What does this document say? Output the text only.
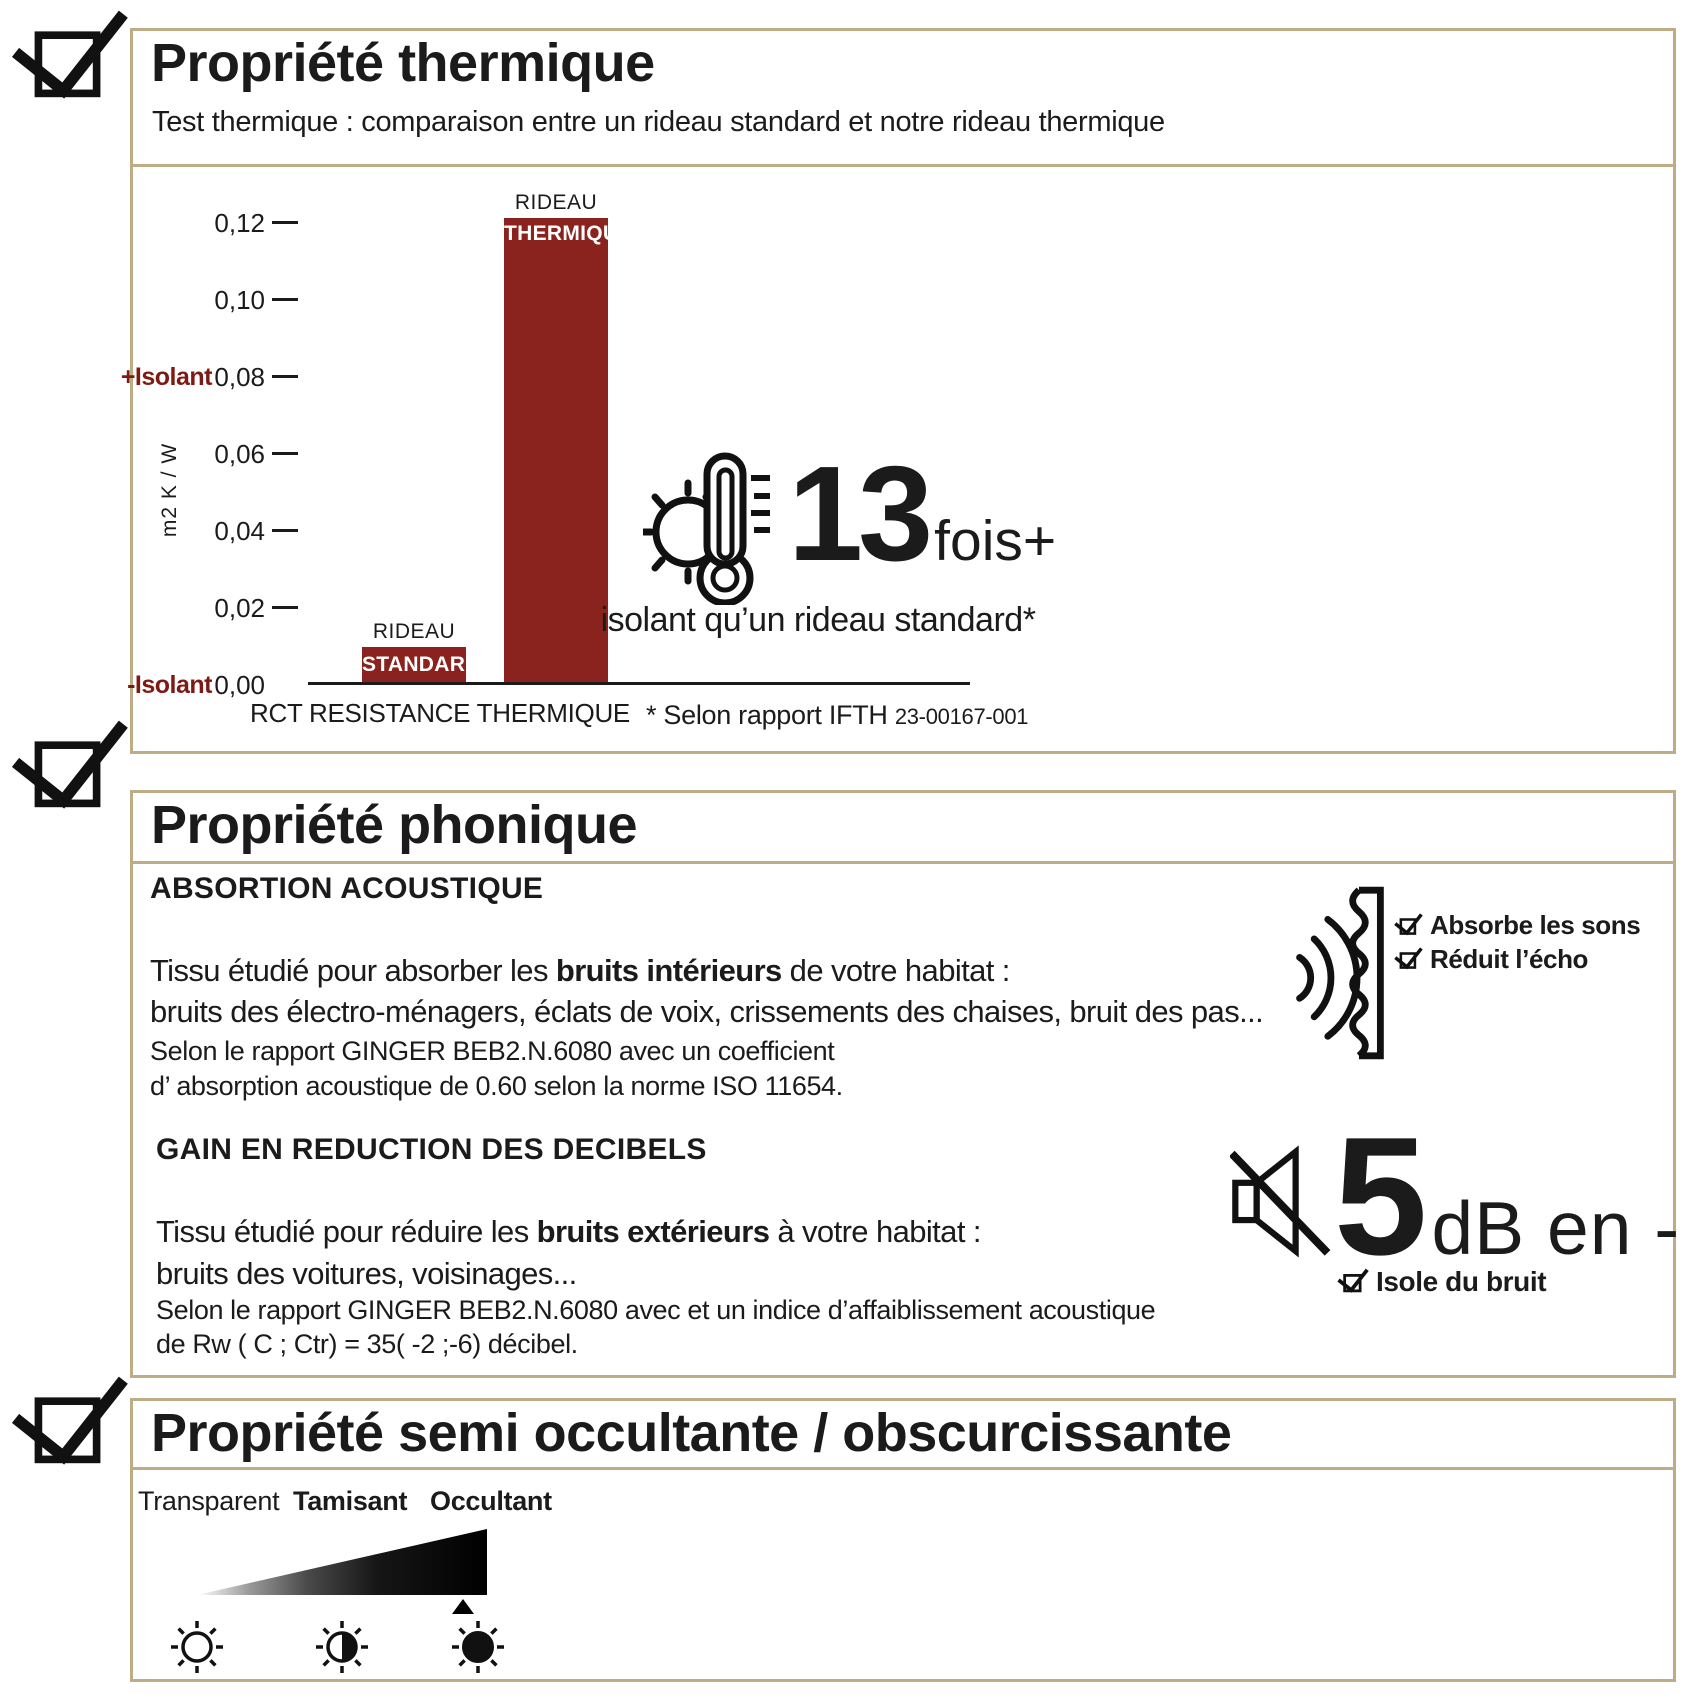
Propriété thermique
Test thermique : comparaison entre un rideau standard et notre rideau thermique
0,12
0,10
0,08
0,06
0,04
0,02
0,00
+Isolant
-Isolant
m2 K / W
RIDEAU
STANDARD
RIDEAU
THERMIQUE
RCT RESISTANCE THERMIQUE * Selon rapport IFTH 23-00167-001
13 fois+
isolant qu’un rideau standard*
Propriété phonique
ABSORTION ACOUSTIQUE
Tissu étudié pour absorber les bruits intérieurs de votre habitat :
bruits des électro-ménagers, éclats de voix, crissements des chaises, bruit des pas...
Selon le rapport GINGER BEB2.N.6080 avec un coefficient
d’ absorption acoustique de 0.60 selon la norme ISO 11654.
GAIN EN REDUCTION DES DECIBELS
Tissu étudié pour réduire les bruits extérieurs à votre habitat :
bruits des voitures, voisinages...
Selon le rapport GINGER BEB2.N.6080 avec et un indice d’affaiblissement acoustique
de Rw ( C ; Ctr) = 35( -2 ;-6) décibel.
Absorbe les sons
Réduit l’écho
5 dB en -
Isole du bruit
Propriété semi occultante / obscurcissante
Transparent Tamisant Occultant
